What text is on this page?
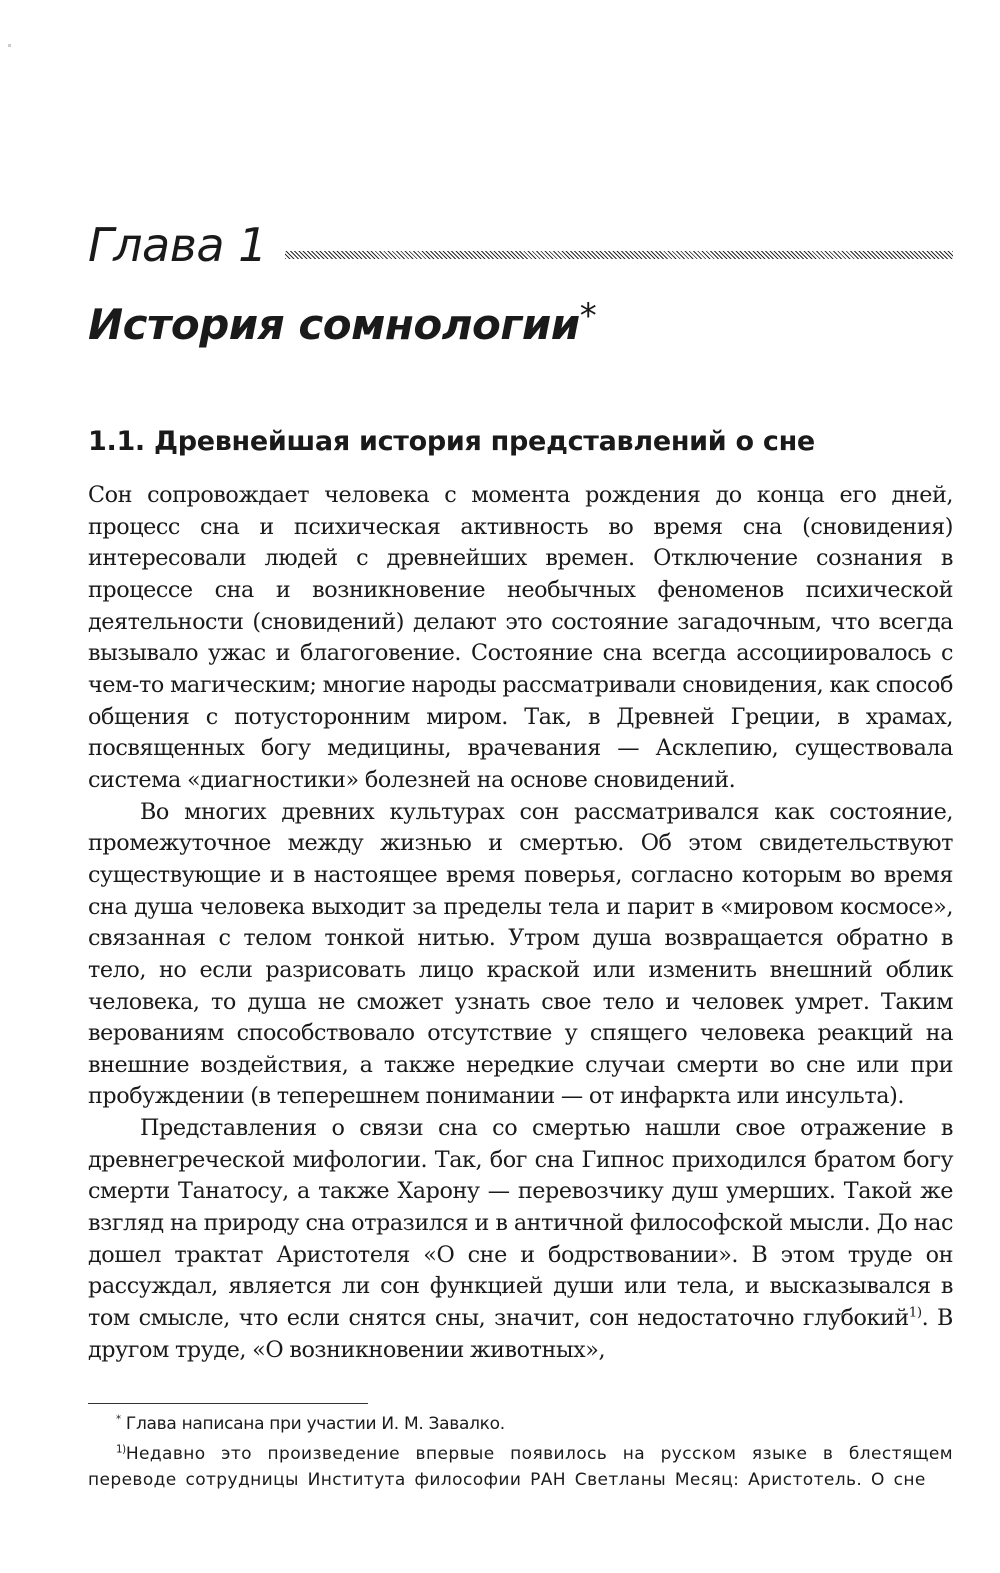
Глава 1
История сомнологии*
1.1. Древнейшая история представлений о сне

Сон сопровождает человека с момента рождения до конца его дней, процесс сна и психическая активность во время сна (сновидения) интересовали людей с древнейших времен. Отключение сознания в процессе сна и возникновение необычных феноменов психической деятельности (сновидений) делают это состояние загадочным, что всегда вызывало ужас и благоговение. Состояние сна всегда ассоциировалось с чем-то магическим; многие народы рассматривали сновидения, как способ общения с потусторонним миром. Так, в Древней Греции, в храмах, посвященных богу медицины, врачевания — Асклепию, существовала система «диагностики» болезней на основе сновидений.

Во многих древних культурах сон рассматривался как состояние, промежуточное между жизнью и смертью. Об этом свидетельствуют существующие и в настоящее время поверья, согласно которым во время сна душа человека выходит за пределы тела и парит в «мировом космосе», связанная с телом тонкой нитью. Утром душа возвращается обратно в тело, но если разрисовать лицо краской или изменить внешний облик человека, то душа не сможет узнать свое тело и человек умрет. Таким верованиям способствовало отсутствие у спящего человека реакций на внешние воздействия, а также нередкие случаи смерти во сне или при пробуждении (в теперешнем понимании — от инфаркта или инсульта).

Представления о связи сна со смертью нашли свое отражение в древнегреческой мифологии. Так, бог сна Гипнос приходился братом богу смерти Танатосу, а также Харону — перевозчику душ умерших. Такой же взгляд на природу сна отразился и в античной философской мысли. До нас дошел трактат Аристотеля «О сне и бодрствовании». В этом труде он рассуждал, является ли сон функцией души или тела, и высказывался в том смысле, что если снятся сны, значит, сон недостаточно глубокий$^{1)}$. В другом труде, «О возникновении животных»,

* Глава написана при участии И. М. Завалко.

$^{1)}$Недавно это произведение впервые появилось на русском языке в блестящем переводе сотрудницы Института философии РАН Светланы Месяц: Аристотель. О сне
